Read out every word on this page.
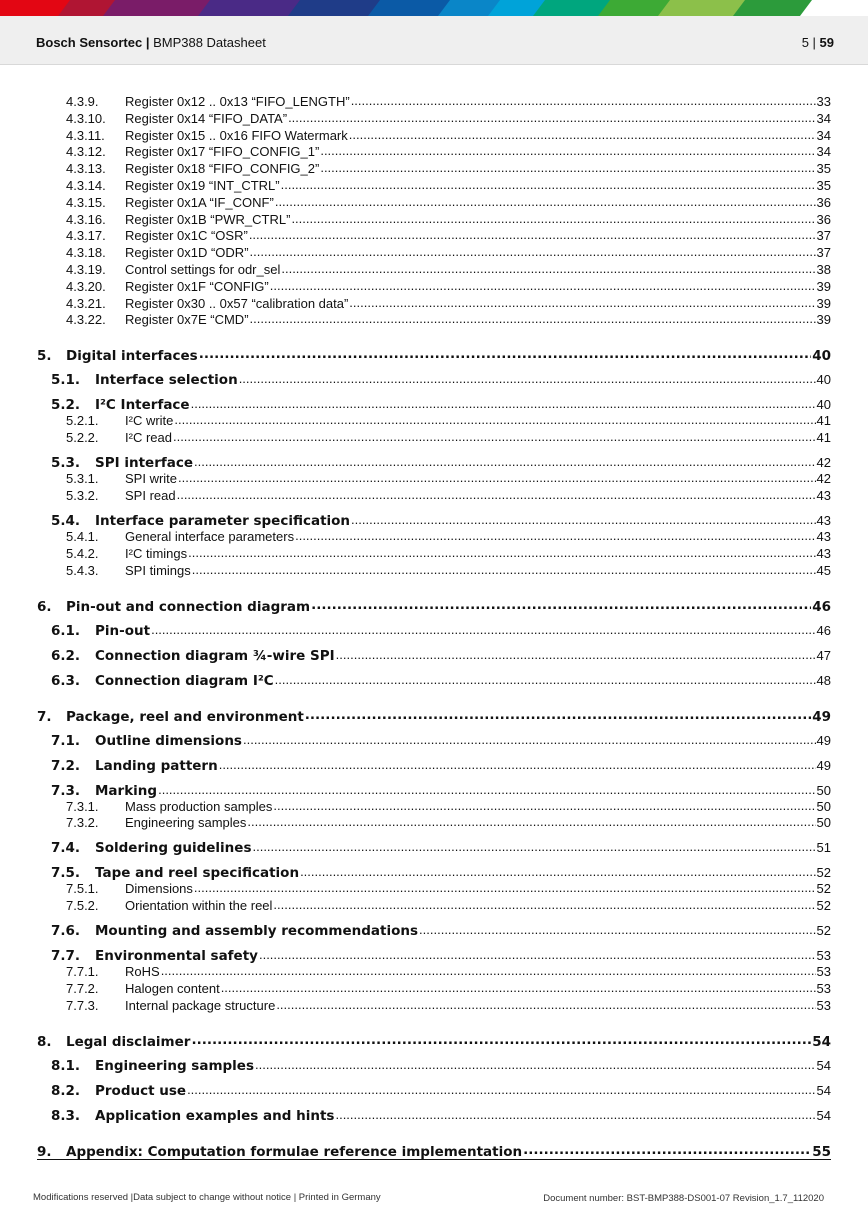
Bosch Sensortec | BMP388 Datasheet	5 | 59
4.3.9.	Register 0x12 .. 0x13 “FIFO_LENGTH” .....	33
4.3.10.	Register 0x14 “FIFO_DATA” .....	34
4.3.11.	Register 0x15 .. 0x16 FIFO Watermark .....	34
4.3.12.	Register 0x17 “FIFO_CONFIG_1” .....	34
4.3.13.	Register 0x18 “FIFO_CONFIG_2” .....	35
4.3.14.	Register 0x19 “INT_CTRL” .....	35
4.3.15.	Register 0x1A “IF_CONF” .....	36
4.3.16.	Register 0x1B “PWR_CTRL” .....	36
4.3.17.	Register 0x1C “OSR” .....	37
4.3.18.	Register 0x1D “ODR” .....	37
4.3.19.	Control settings for odr_sel .....	38
4.3.20.	Register 0x1F “CONFIG” .....	39
4.3.21.	Register 0x30 .. 0x57 “calibration data” .....	39
4.3.22.	Register 0x7E “CMD” .....	39
5.	Digital interfaces .....	40
5.1.	Interface selection .....	40
5.2.	I²C Interface .....	40
5.2.1.	I²C write .....	41
5.2.2.	I²C read .....	41
5.3.	SPI interface .....	42
5.3.1.	SPI write .....	42
5.3.2.	SPI read .....	43
5.4.	Interface parameter specification .....	43
5.4.1.	General interface parameters .....	43
5.4.2.	I²C timings .....	43
5.4.3.	SPI timings .....	45
6.	Pin-out and connection diagram .....	46
6.1.	Pin-out .....	46
6.2.	Connection diagram ¾-wire SPI .....	47
6.3.	Connection diagram I²C .....	48
7.	Package, reel and environment .....	49
7.1.	Outline dimensions .....	49
7.2.	Landing pattern .....	49
7.3.	Marking .....	50
7.3.1.	Mass production samples .....	50
7.3.2.	Engineering samples .....	50
7.4.	Soldering guidelines .....	51
7.5.	Tape and reel specification .....	52
7.5.1.	Dimensions .....	52
7.5.2.	Orientation within the reel .....	52
7.6.	Mounting and assembly recommendations .....	52
7.7.	Environmental safety .....	53
7.7.1.	RoHS .....	53
7.7.2.	Halogen content .....	53
7.7.3.	Internal package structure .....	53
8.	Legal disclaimer .....	54
8.1.	Engineering samples .....	54
8.2.	Product use .....	54
8.3.	Application examples and hints .....	54
9.	Appendix: Computation formulae reference implementation .....	55
Modifications reserved |Data subject to change without notice | Printed in Germany	Document number: BST-BMP388-DS001-07 Revision_1.7_112020
